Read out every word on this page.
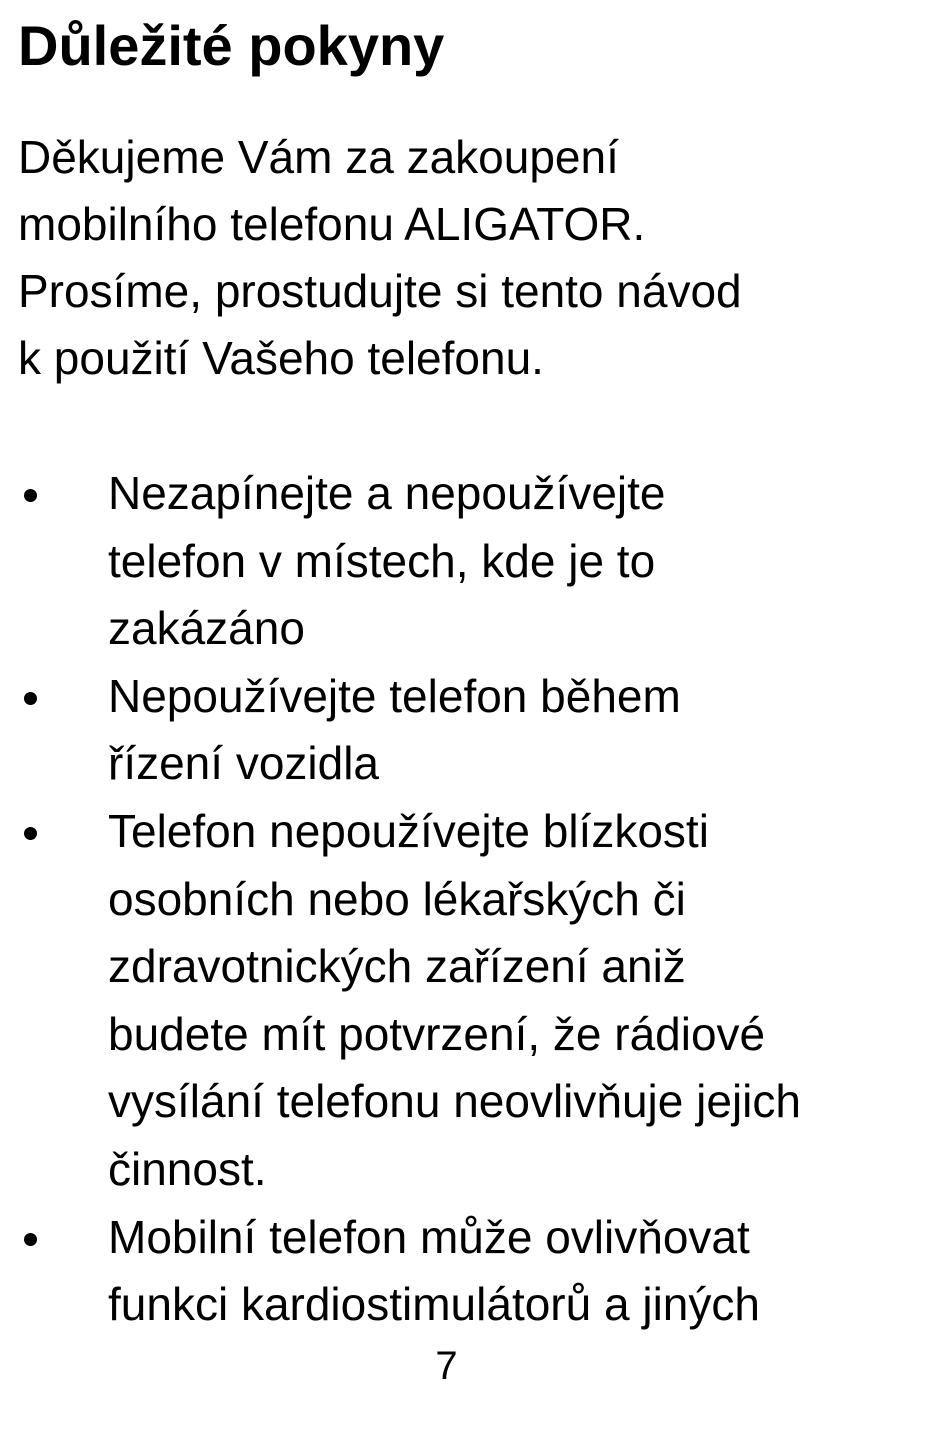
Důležité pokyny

Děkujeme Vám za zakoupení
mobilního telefonu ALIGATOR.
Prosíme, prostudujte si tento návod
k použití Vašeho telefonu.

Nezapínejte a nepoužívejte
telefon v místech, kde je to
zakázáno
Nepoužívejte telefon během
řízení vozidla
Telefon nepoužívejte blízkosti
osobních nebo lékařských či
zdravotnických zařízení aniž
budete mít potvrzení, že rádiové
vysílání telefonu neovlivňuje jejich
činnost.
Mobilní telefon může ovlivňovat
funkci kardiostimulátorů a jiných
7
